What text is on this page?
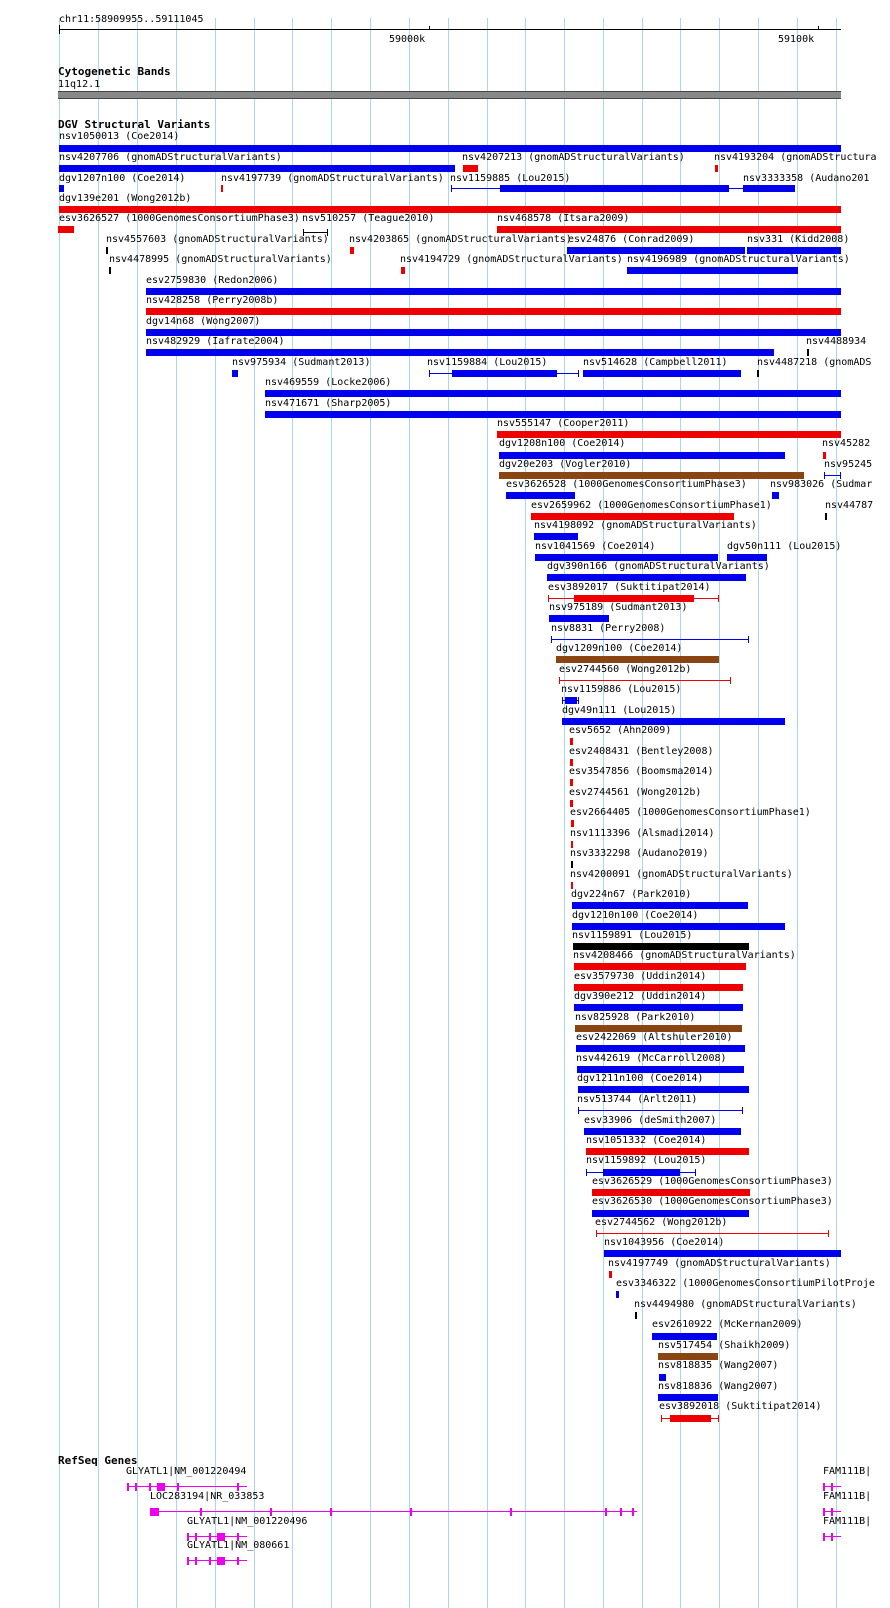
chr11:58909955..59111045
59000k	59100k
Cytogenetic Bands
11q12.1
DGV Structural Variants
nsv1050013 (Coe2014)
nsv4207706 (gnomADStructuralVariants)	nsv4207213 (gnomADStructuralVariants)	nsv4193204 (gnomADStructura
dgv1207n100 (Coe2014)	nsv4197739 (gnomADStructuralVariants) nsv1159885 (Lou2015)	nsv3333358 (Audano201
dgv139e201 (Wong2012b)
esv3626527 (1000GenomesConsortiumPhase3) nsv510257 (Teague2010)	nsv468578 (Itsara2009)
nsv4557603 (gnomADStructuralVariants) nsv4203865 (gnomADStructuralVariants)
esv24876 (Conrad2009)	nsv331 (Kidd2008)
nsv4478995 (gnomADStructuralVariants)	nsv4194729 (gnomADStructuralVariants) nsv4196989 (gnomADStructuralVariants)
esv2759830 (Redon2006)
nsv428258 (Perry2008b)
dgv14n68 (Wong2007)
nsv482929 (Iafrate2004)	nsv4488934
nsv975934 (Sudmant2013)	nsv1159884 (Lou2015)	nsv514628 (Campbell2011)	nsv4487218 (gnomADS
nsv469559 (Locke2006)
nsv471671 (Sharp2005)
nsv555147 (Cooper2011)
dgv1208n100 (Coe2014)	nsv45282
dgv20e203 (Vogler2010)	nsv95245
esv3626528 (1000GenomesConsortiumPhase3) nsv983026 (Sudmar
esv2659962 (1000GenomesConsortiumPhase1)	nsv44787
nsv4198092 (gnomADStructuralVariants)
nsv1041569 (Coe2014)	dgv50n111 (Lou2015)
dgv390n166 (gnomADStructuralVariants)
esv3892017 (Suktitipat2014)
nsv975189 (Sudmant2013)
nsv8831 (Perry2008)
dgv1209n100 (Coe2014)
esv2744560 (Wong2012b)
nsv1159886 (Lou2015)
dgv49n111 (Lou2015)
esv5652 (Ahn2009)
esv2408431 (Bentley2008)
esv3547856 (Boomsma2014)
esv2744561 (Wong2012b)
esv2664405 (1000GenomesConsortiumPhase1)
nsv1113396 (Alsmadi2014)
nsv3332298 (Audano2019)
nsv4200091 (gnomADStructuralVariants)
dgv224n67 (Park2010)
dgv1210n100 (Coe2014)
nsv1159891 (Lou2015)
nsv4208466 (gnomADStructuralVariants)
esv3579730 (Uddin2014)
dgv390e212 (Uddin2014)
nsv825928 (Park2010)
esv2422069 (Altshuler2010)
nsv442619 (McCarroll2008)
dgv1211n100 (Coe2014)
nsv513744 (Arlt2011)
esv33906 (deSmith2007)
nsv1051332 (Coe2014)
nsv1159892 (Lou2015)
esv3626529 (1000GenomesConsortiumPhase3)
esv3626530 (1000GenomesConsortiumPhase3)
esv2744562 (Wong2012b)
nsv1043956 (Coe2014)
nsv4197749 (gnomADStructuralVariants)
esv3346322 (1000GenomesConsortiumPilotProje
nsv4494980 (gnomADStructuralVariants)
esv2610922 (McKernan2009)
nsv517454 (Shaikh2009)
nsv818835 (Wang2007)
nsv818836 (Wang2007)
esv3892018 (Suktitipat2014)
RefSeq Genes
GLYATL1|NM_001220494
LOC283194|NR_033853
GLYATL1|NM_001220496
GLYATL1|NM_080661
FAM111B|
FAM111B|
FAM111B|
